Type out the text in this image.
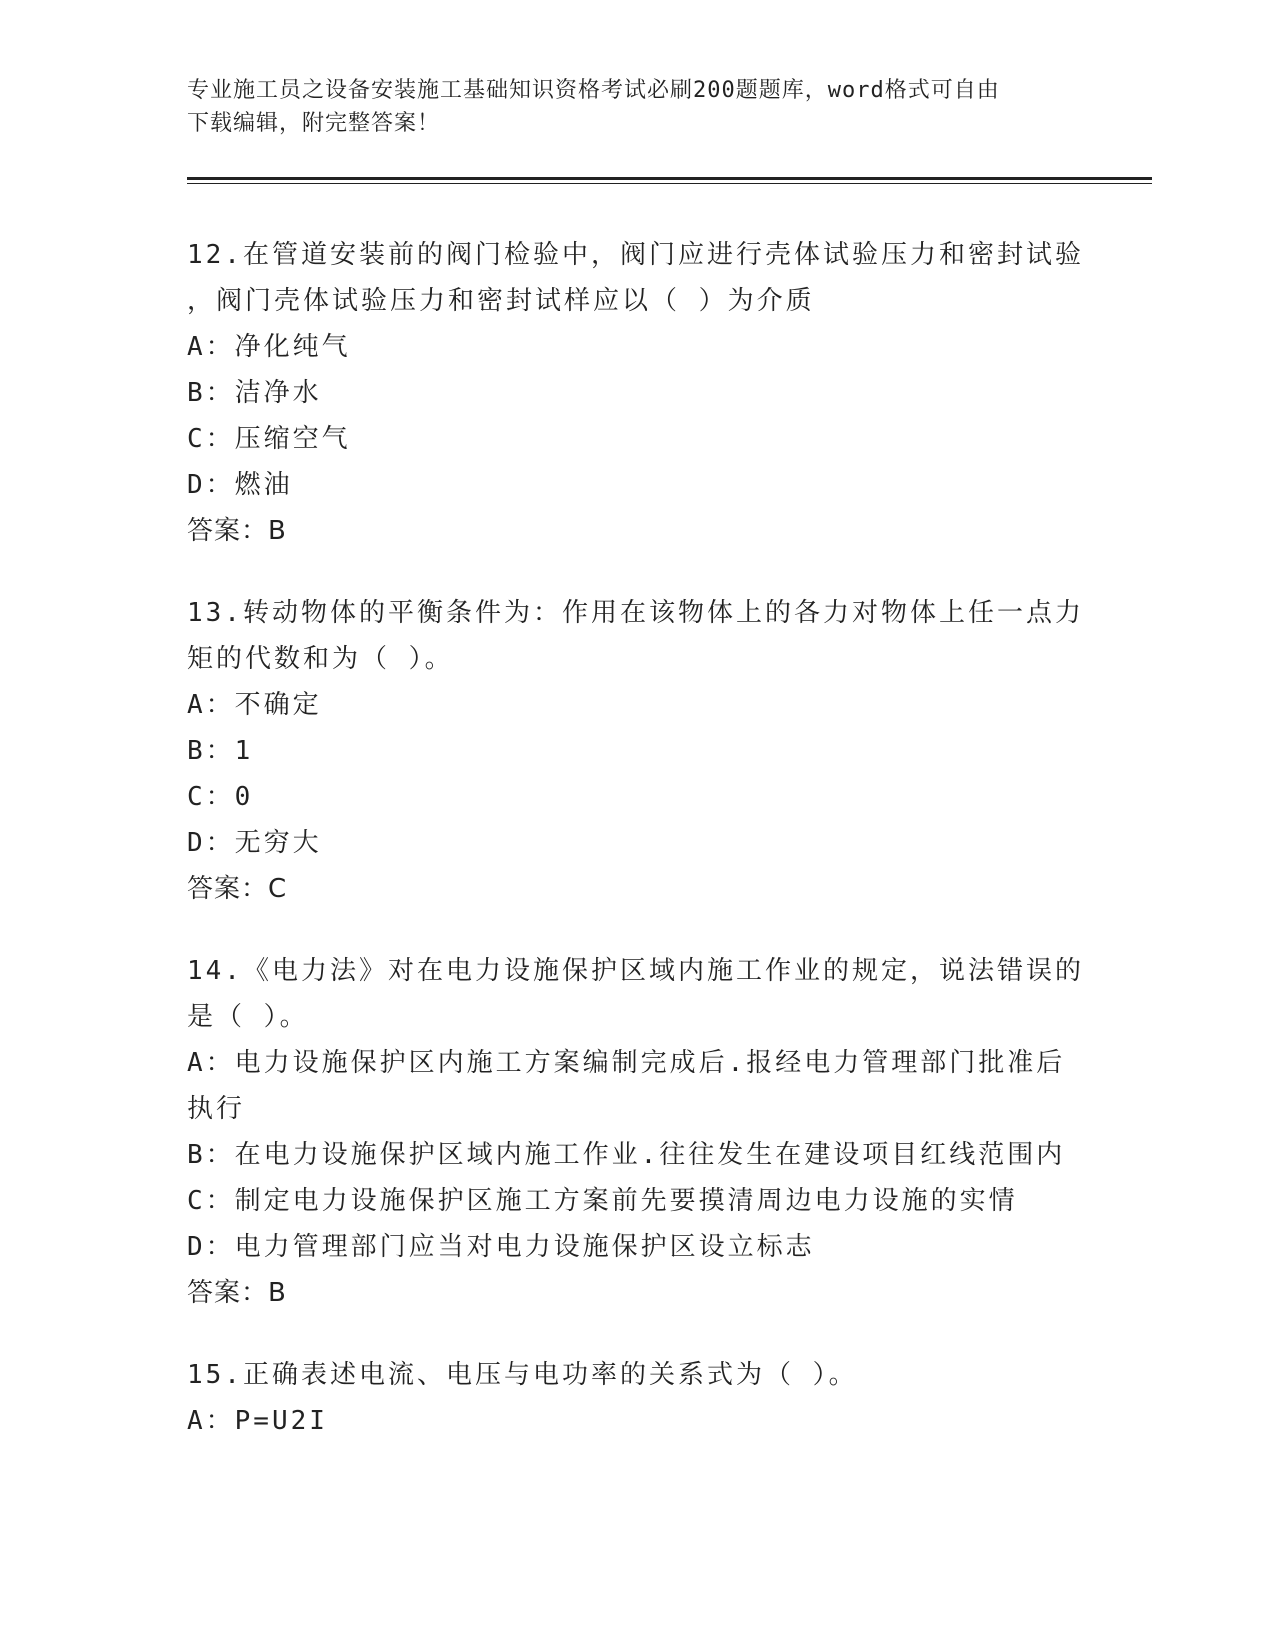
专业施工员之设备安装施工基础知识资格考试必刷200题题库，word格式可自由
下载编辑，附完整答案！
12.在管道安装前的阀门检验中，阀门应进行壳体试验压力和密封试验
，阀门壳体试验压力和密封试样应以（ ）为介质
A：净化纯气
B：洁净水
C：压缩空气
D：燃油
答案：B
13.转动物体的平衡条件为：作用在该物体上的各力对物体上任一点力
矩的代数和为（ ）。
A：不确定
B：1
C：0
D：无穷大
答案：C
14.《电力法》对在电力设施保护区域内施工作业的规定，说法错误的
是（ ）。
A：电力设施保护区内施工方案编制完成后.报经电力管理部门批准后
执行
B：在电力设施保护区域内施工作业.往往发生在建设项目红线范围内
C：制定电力设施保护区施工方案前先要摸清周边电力设施的实情
D：电力管理部门应当对电力设施保护区设立标志
答案：B
15.正确表述电流、电压与电功率的关系式为（ ）。
A：P=U2I
